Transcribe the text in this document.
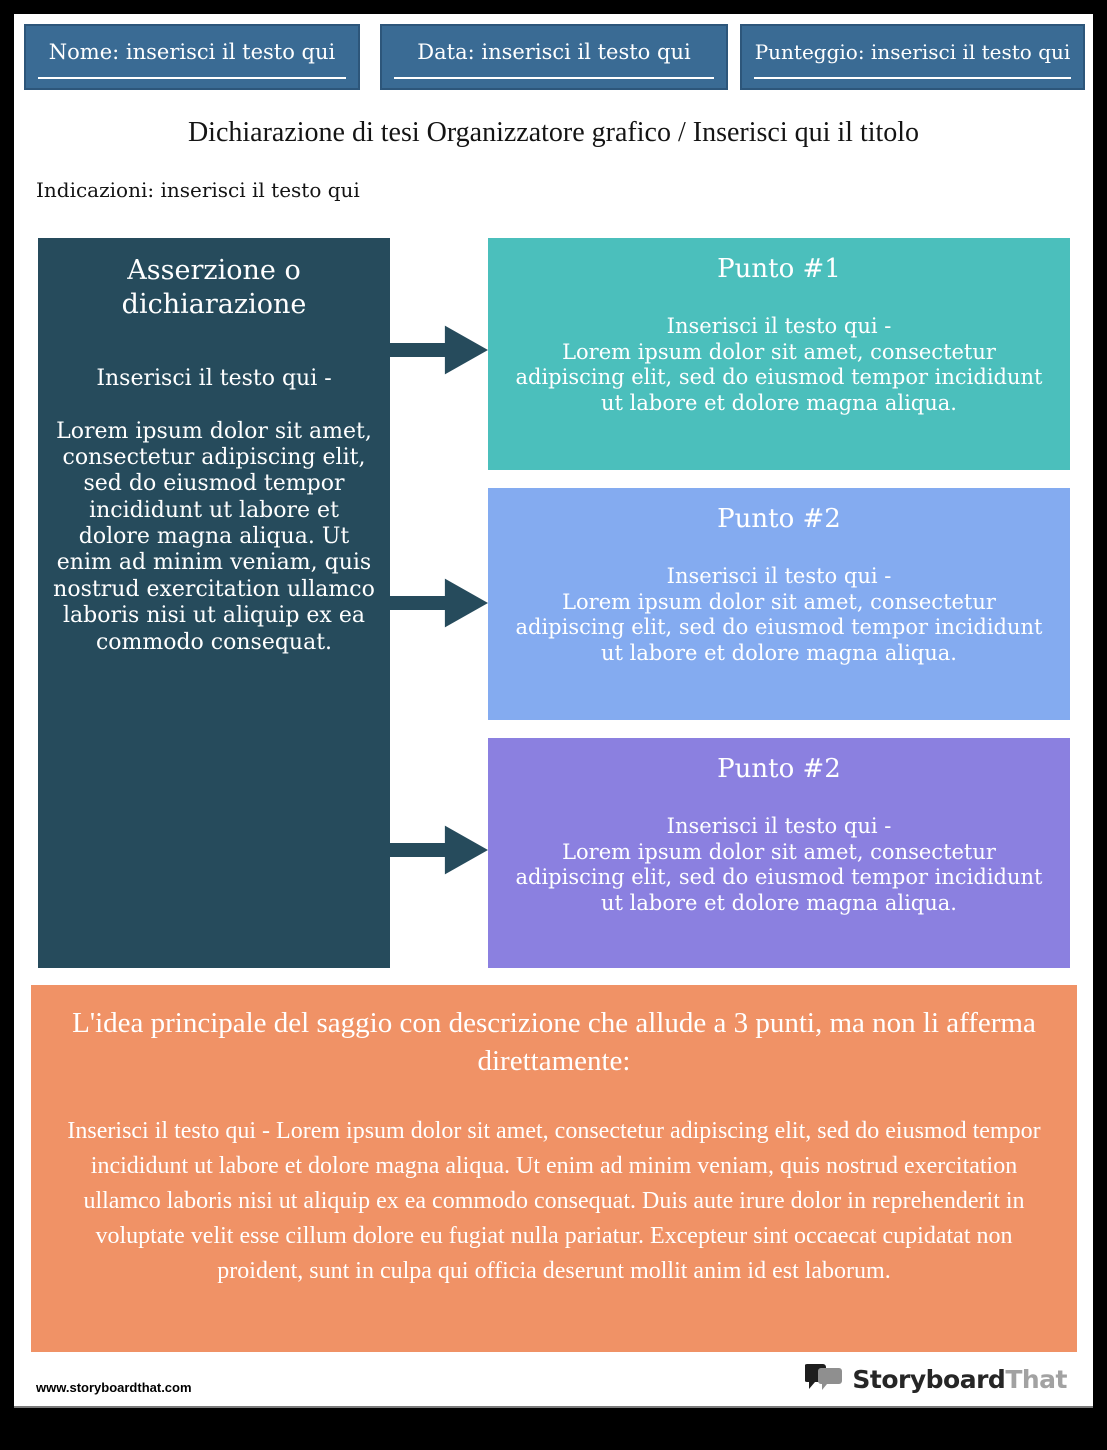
Nome: inserisci il testo qui	Data: inserisci il testo qui	Punteggio: inserisci il testo qui
Dichiarazione di tesi Organizzatore grafico / Inserisci qui il titolo
Indicazioni: inserisci il testo qui
Asserzione o dichiarazione
Inserisci il testo qui -
Lorem ipsum dolor sit amet, consectetur adipiscing elit, sed do eiusmod tempor incididunt ut labore et dolore magna aliqua. Ut enim ad minim veniam, quis nostrud exercitation ullamco laboris nisi ut aliquip ex ea commodo consequat.
Punto #1
Inserisci il testo qui -
Lorem ipsum dolor sit amet, consectetur adipiscing elit, sed do eiusmod tempor incididunt ut labore et dolore magna aliqua.
Punto #2
Inserisci il testo qui -
Lorem ipsum dolor sit amet, consectetur adipiscing elit, sed do eiusmod tempor incididunt ut labore et dolore magna aliqua.
Punto #2
Inserisci il testo qui -
Lorem ipsum dolor sit amet, consectetur adipiscing elit, sed do eiusmod tempor incididunt ut labore et dolore magna aliqua.
L'idea principale del saggio con descrizione che allude a 3 punti, ma non li afferma direttamente:
Inserisci il testo qui - Lorem ipsum dolor sit amet, consectetur adipiscing elit, sed do eiusmod tempor incididunt ut labore et dolore magna aliqua. Ut enim ad minim veniam, quis nostrud exercitation ullamco laboris nisi ut aliquip ex ea commodo consequat. Duis aute irure dolor in reprehenderit in voluptate velit esse cillum dolore eu fugiat nulla pariatur. Excepteur sint occaecat cupidatat non proident, sunt in culpa qui officia deserunt mollit anim id est laborum.
www.storyboardthat.com	StoryboardThat
